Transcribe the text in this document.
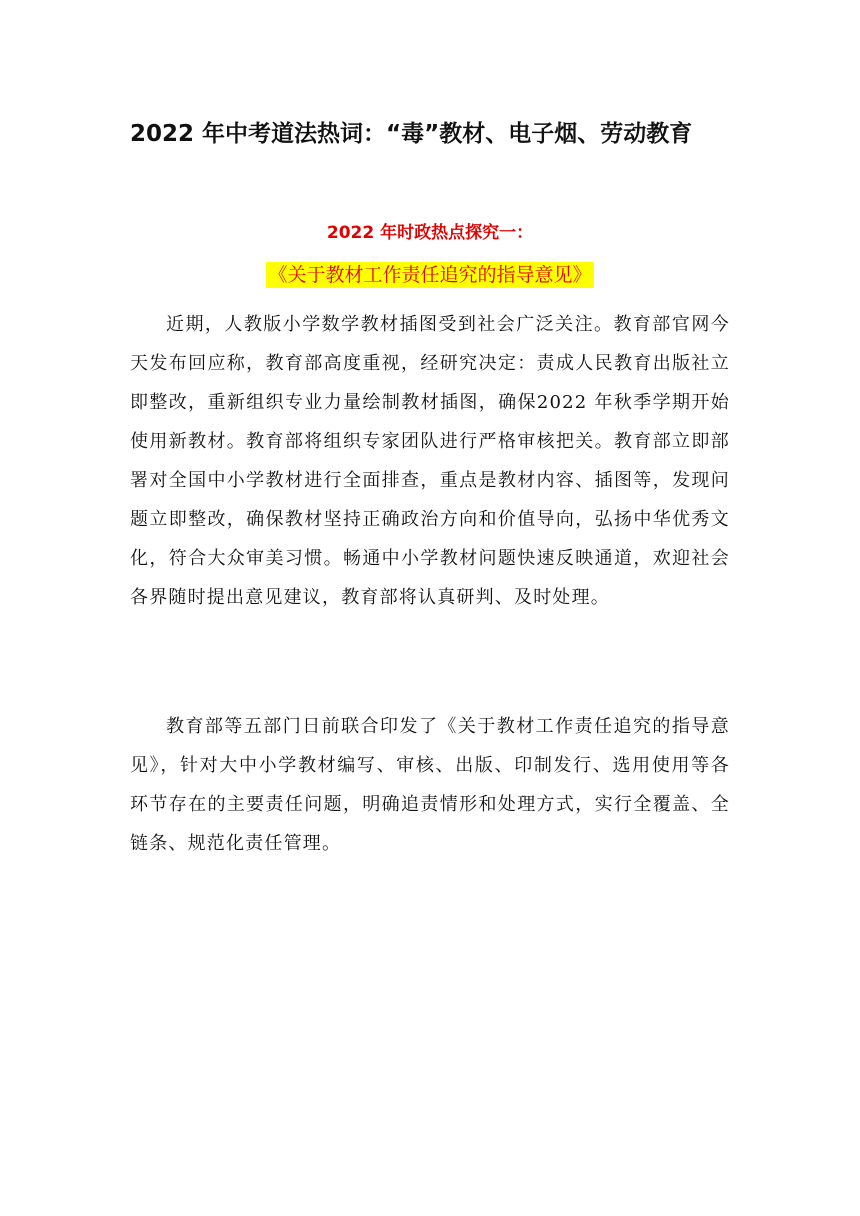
2022 年中考道法热词：“毒”教材、电子烟、劳动教育
2022 年时政热点探究一：
《关于教材工作责任追究的指导意见》

近期，人教版小学数学教材插图受到社会广泛关注。教育部官网今天发布回应称，教育部高度重视，经研究决定：责成人民教育出版社立即整改，重新组织专业力量绘制教材插图，确保2022 年秋季学期开始使用新教材。教育部将组织专家团队进行严格审核把关。教育部立即部署对全国中小学教材进行全面排查，重点是教材内容、插图等，发现问题立即整改，确保教材坚持正确政治方向和价值导向，弘扬中华优秀文化，符合大众审美习惯。畅通中小学教材问题快速反映通道，欢迎社会各界随时提出意见建议，教育部将认真研判、及时处理。

教育部等五部门日前联合印发了《关于教材工作责任追究的指导意见》，针对大中小学教材编写、审核、出版、印制发行、选用使用等各环节存在的主要责任问题，明确追责情形和处理方式，实行全覆盖、全链条、规范化责任管理。
